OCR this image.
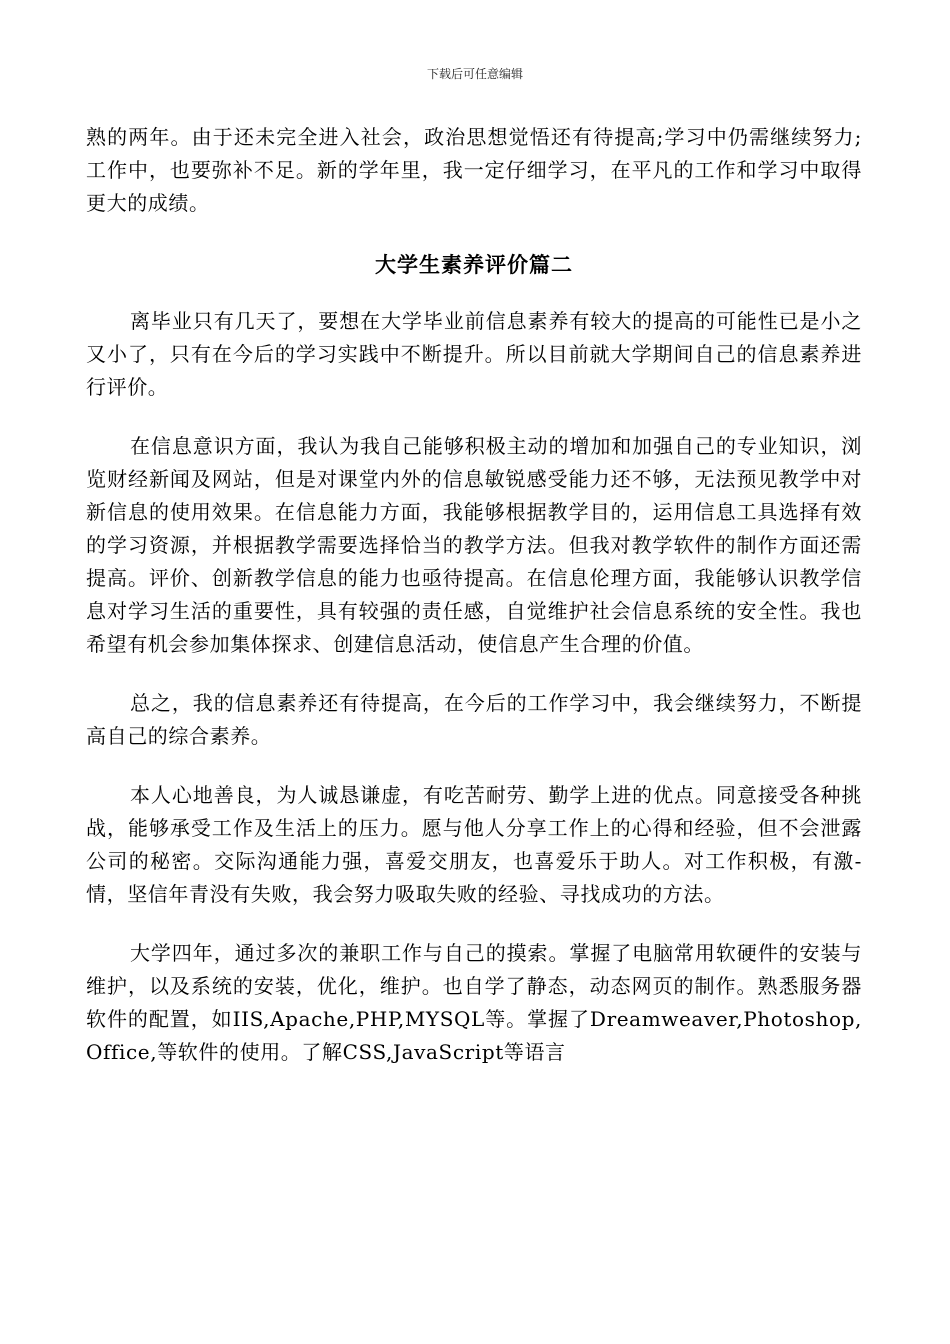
下载后可任意编辑

熟的两年。由于还未完全进入社会，政治思想觉悟还有待提高;学习中仍需继续努力;工作中，也要弥补不足。新的学年里，我一定仔细学习，在平凡的工作和学习中取得更大的成绩。

大学生素养评价篇二

离毕业只有几天了，要想在大学毕业前信息素养有较大的提高的可能性已是小之又小了，只有在今后的学习实践中不断提升。所以目前就大学期间自己的信息素养进行评价。

在信息意识方面，我认为我自己能够积极主动的增加和加强自己的专业知识，浏览财经新闻及网站，但是对课堂内外的信息敏锐感受能力还不够，无法预见教学中对新信息的使用效果。在信息能力方面，我能够根据教学目的，运用信息工具选择有效的学习资源，并根据教学需要选择恰当的教学方法。但我对教学软件的制作方面还需提高。评价、创新教学信息的能力也亟待提高。在信息伦理方面，我能够认识教学信息对学习生活的重要性，具有较强的责任感，自觉维护社会信息系统的安全性。我也希望有机会参加集体探求、创建信息活动，使信息产生合理的价值。

总之，我的信息素养还有待提高，在今后的工作学习中，我会继续努力，不断提高自己的综合素养。

本人心地善良，为人诚恳谦虚，有吃苦耐劳、勤学上进的优点。同意接受各种挑战，能够承受工作及生活上的压力。愿与他人分享工作上的心得和经验，但不会泄露公司的秘密。交际沟通能力强，喜爱交朋友，也喜爱乐于助人。对工作积极，有激-情，坚信年青没有失败，我会努力吸取失败的经验、寻找成功的方法。

大学四年，通过多次的兼职工作与自己的摸索。掌握了电脑常用软硬件的安装与维护，以及系统的安装，优化，维护。也自学了静态，动态网页的制作。熟悉服务器软件的配置，如IIS,Apache,PHP,MYSQL等。掌握了Dreamweaver,Photoshop,Office,等软件的使用。了解CSS,JavaScript等语言
